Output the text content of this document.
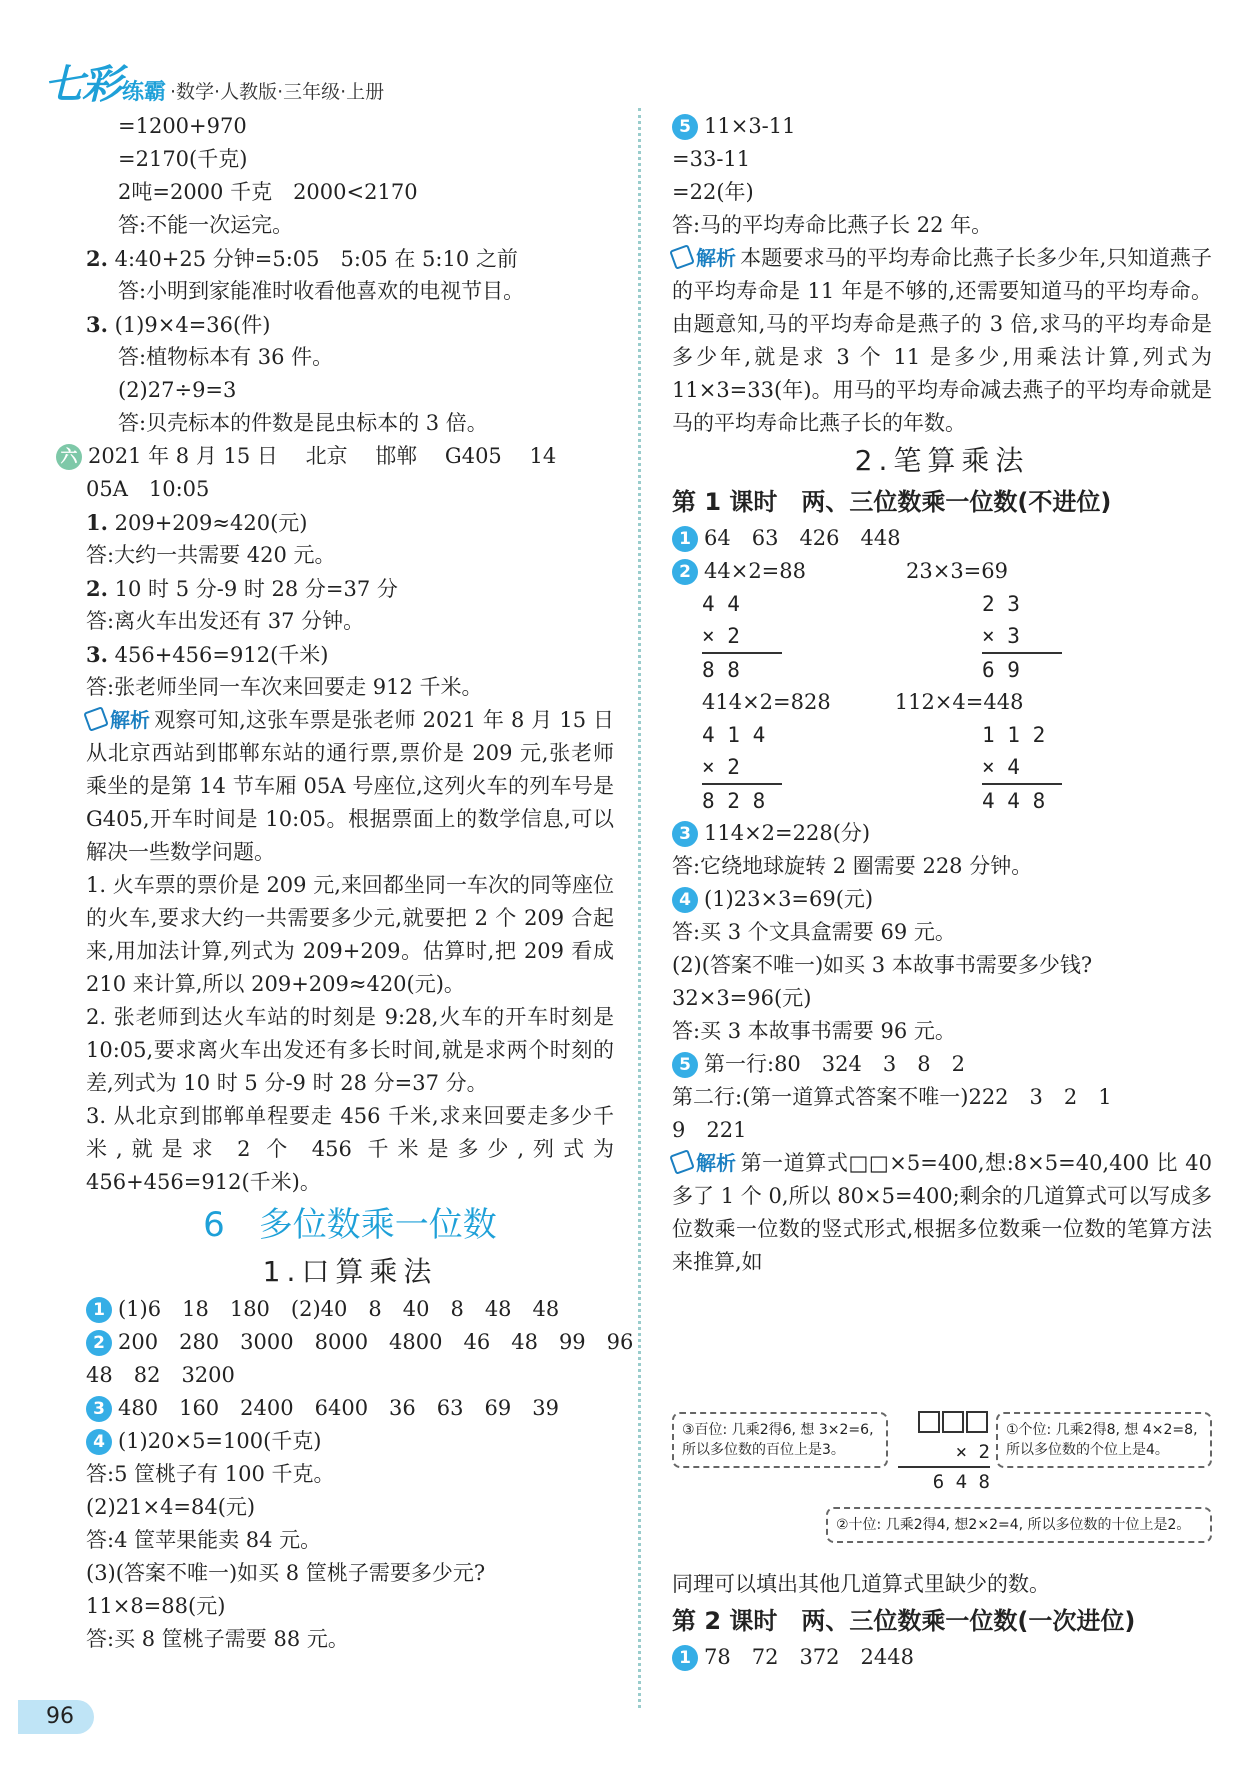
七彩 练霸 ·数学·人教版·三年级·上册
=1200+970
=2170(千克)
2吨=2000 千克　2000<2170
答:不能一次运完。
2. 4:40+25 分钟=5:05　5:05 在 5:10 之前
答:小明到家能准时收看他喜欢的电视节目。
3. (1)9×4=36(件)
答:植物标本有 36 件。
(2)27÷9=3
答:贝壳标本的件数是昆虫标本的 3 倍。
六 2021 年 8 月 15 日　 北京　 邯郸　 G405　 14
05A　10:05
1. 209+209≈420(元)
答:大约一共需要 420 元。
2. 10 时 5 分-9 时 28 分=37 分
答:离火车出发还有 37 分钟。
3. 456+456=912(千米)
答:张老师坐同一车次来回要走 912 千米。
解析 观察可知,这张车票是张老师 2021 年 8 月 15 日从北京西站到邯郸东站的通行票,票价是 209 元,张老师乘坐的是第 14 节车厢 05A 号座位,这列火车的列车号是 G405,开车时间是 10:05。根据票面上的数学信息,可以解决一些数学问题。
1. 火车票的票价是 209 元,来回都坐同一车次的同等座位的火车,要求大约一共需要多少元,就要把 2 个 209 合起来,用加法计算,列式为 209+209。估算时,把 209 看成 210 来计算,所以 209+209≈420(元)。
2. 张老师到达火车站的时刻是 9:28,火车的开车时刻是 10:05,要求离火车出发还有多长时间,就是求两个时刻的差,列式为 10 时 5 分-9 时 28 分=37 分。
3. 从北京到邯郸单程要走 456 千米,求来回要走多少千米,就是求 2 个 456 千米是多少,列式为 456+456=912(千米)。
6　多位数乘一位数
1.口算乘法
1 (1)6　18　180　(2)40　8　40　8　48　48
2 200　280　3000　8000　4800　46　48　99　96
48　82　3200
3 480　160　2400　6400　36　63　69　39
4 (1)20×5=100(千克)
答:5 筐桃子有 100 千克。
(2)21×4=84(元)
答:4 筐苹果能卖 84 元。
(3)(答案不唯一)如买 8 筐桃子需要多少元?
11×8=88(元)
答:买 8 筐桃子需要 88 元。
5 11×3-11
=33-11
=22(年)
答:马的平均寿命比燕子长 22 年。
解析 本题要求马的平均寿命比燕子长多少年,只知道燕子的平均寿命是 11 年是不够的,还需要知道马的平均寿命。由题意知,马的平均寿命是燕子的 3 倍,求马的平均寿命是多少年,就是求 3 个 11 是多少,用乘法计算,列式为 11×3=33(年)。用马的平均寿命减去燕子的平均寿命就是马的平均寿命比燕子长的年数。
2.笔算乘法
第 1 课时　两、三位数乘一位数(不进位)
1 64　63　426　448
2 44×2=88	23×3=69
4 4
× 2
8 8
2 3
× 3
6 9
414×2=828	112×4=448
4 1 4
× 2
8 2 8
1 1 2
× 4
4 4 8
3 114×2=228(分)
答:它绕地球旋转 2 圈需要 228 分钟。
4 (1)23×3=69(元)
答:买 3 个文具盒需要 69 元。
(2)(答案不唯一)如买 3 本故事书需要多少钱?
32×3=96(元)
答:买 3 本故事书需要 96 元。
5 第一行:80　324　3　8　2
第二行:(第一道算式答案不唯一)222　3　2　1
9　221
解析 第一道算式□□×5=400,想:8×5=40,400 比 40 多了 1 个 0,所以 80×5=400;剩余的几道算式可以写成多位数乘一位数的竖式形式,根据多位数乘一位数的笔算方法来推算,如
③百位: 几乘2得6, 想 3×2=6, 所以多位数的百位上是3。
①个位: 几乘2得8, 想 4×2=8, 所以多位数的个位上是4。
× 2
6 4 8
②十位: 几乘2得4, 想2×2=4, 所以多位数的十位上是2。
同理可以填出其他几道算式里缺少的数。
第 2 课时　两、三位数乘一位数(一次进位)
1 78　72　372　2448
96
